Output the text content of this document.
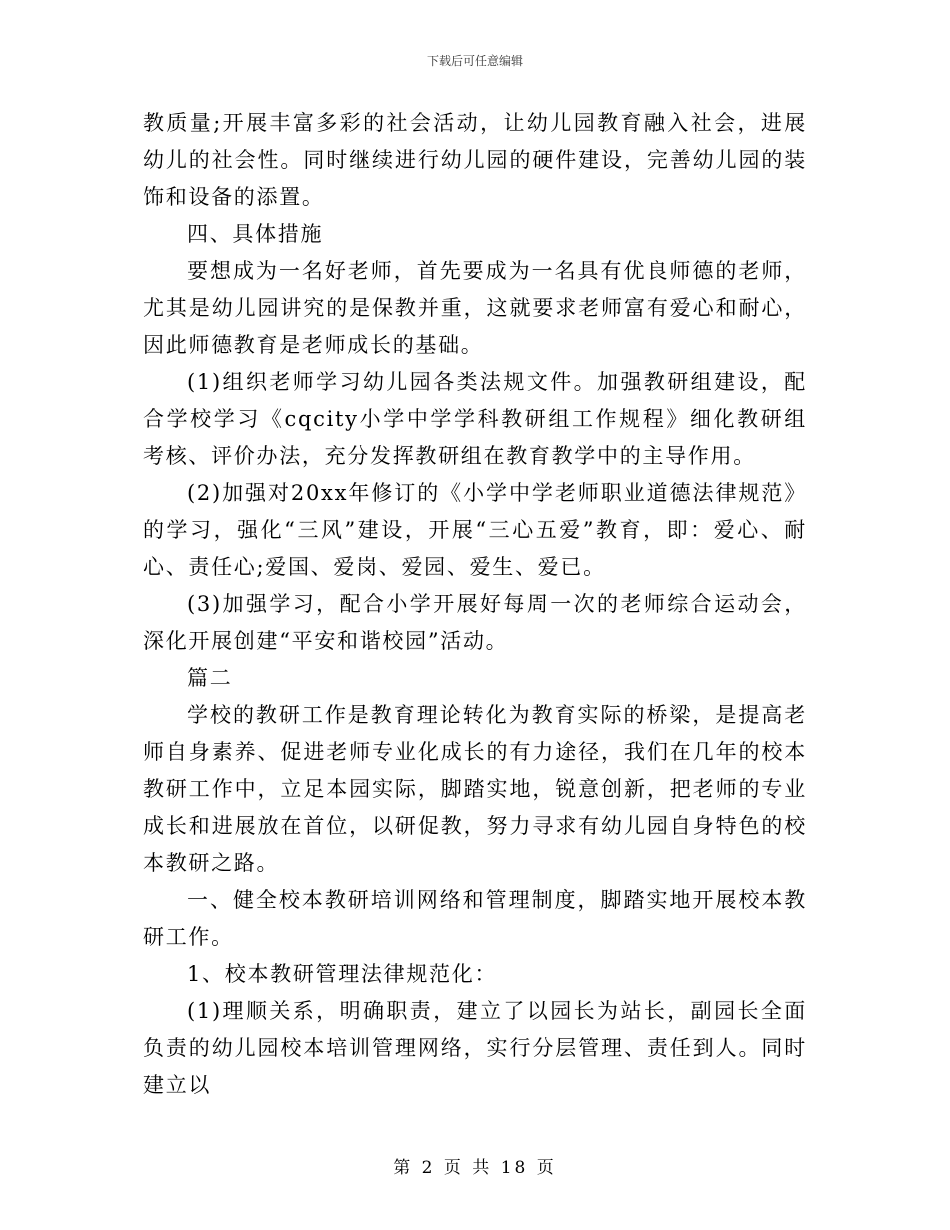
下载后可任意编辑

教质量;开展丰富多彩的社会活动，让幼儿园教育融入社会，进展幼儿的社会性。同时继续进行幼儿园的硬件建设，完善幼儿园的装饰和设备的添置。

四、具体措施

要想成为一名好老师，首先要成为一名具有优良师德的老师，尤其是幼儿园讲究的是保教并重，这就要求老师富有爱心和耐心，因此师德教育是老师成长的基础。

(1)组织老师学习幼儿园各类法规文件。加强教研组建设，配合学校学习《cqcity小学中学学科教研组工作规程》细化教研组考核、评价办法，充分发挥教研组在教育教学中的主导作用。

(2)加强对20xx年修订的《小学中学老师职业道德法律规范》的学习，强化“三风”建设，开展“三心五爱”教育，即：爱心、耐心、责任心;爱国、爱岗、爱园、爱生、爱已。

(3)加强学习，配合小学开展好每周一次的老师综合运动会，深化开展创建“平安和谐校园”活动。

篇二

学校的教研工作是教育理论转化为教育实际的桥梁，是提高老师自身素养、促进老师专业化成长的有力途径，我们在几年的校本教研工作中，立足本园实际，脚踏实地，锐意创新，把老师的专业成长和进展放在首位，以研促教，努力寻求有幼儿园自身特色的校本教研之路。

一、健全校本教研培训网络和管理制度，脚踏实地开展校本教研工作。

1、校本教研管理法律规范化：

(1)理顺关系，明确职责，建立了以园长为站长，副园长全面负责的幼儿园校本培训管理网络，实行分层管理、责任到人。同时建立以

第 2 页 共 18 页
